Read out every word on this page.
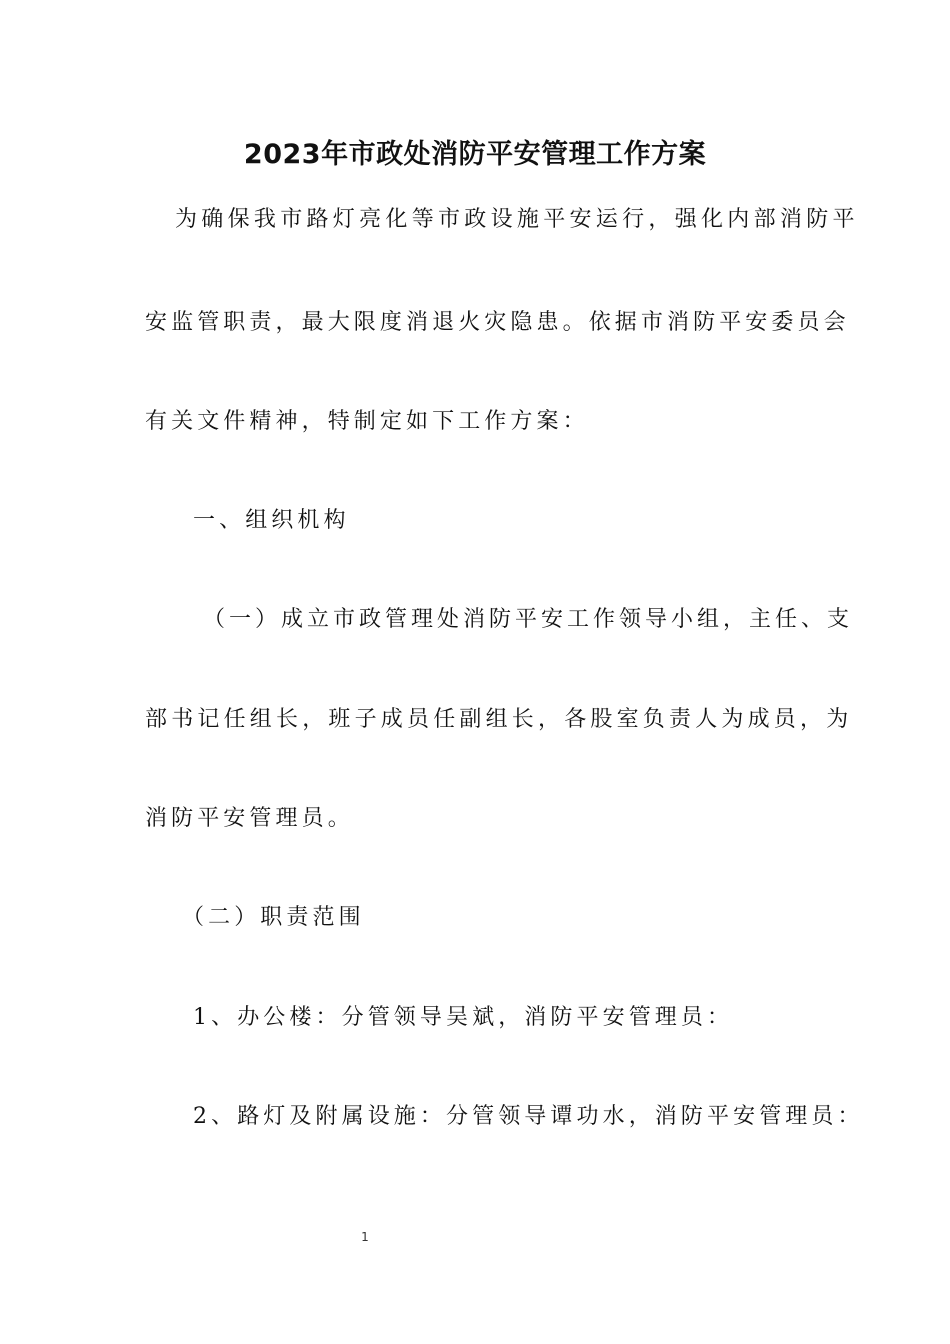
2023年市政处消防平安管理工作方案

为确保我市路灯亮化等市政设施平安运行，强化内部消防平

安监管职责，最大限度消退火灾隐患。依据市消防平安委员会

有关文件精神，特制定如下工作方案：

一、组织机构

（一）成立市政管理处消防平安工作领导小组，主任、支

部书记任组长，班子成员任副组长，各股室负责人为成员，为

消防平安管理员。

（二）职责范围

1、办公楼：分管领导吴斌，消防平安管理员：

2、路灯及附属设施：分管领导谭功水，消防平安管理员：

1
